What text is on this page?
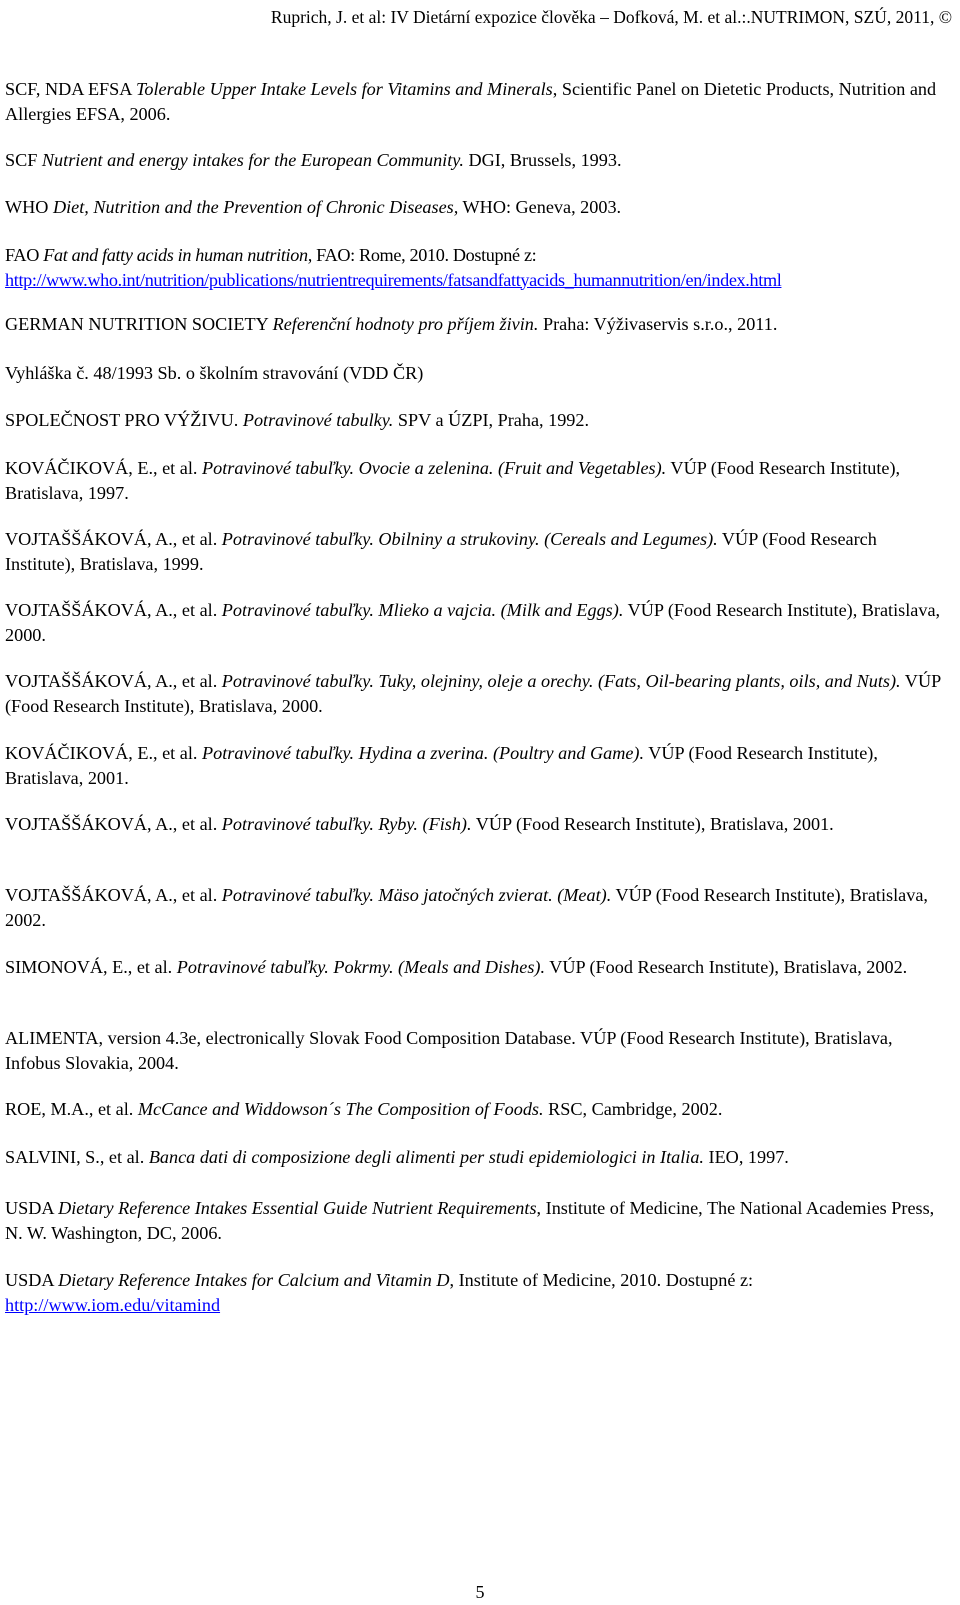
Ruprich, J. et al: IV Dietární expozice člověka – Dofková, M. et al.:.NUTRIMON, SZÚ, 2011, ©
SCF, NDA EFSA Tolerable Upper Intake Levels for Vitamins and Minerals, Scientific Panel on Dietetic Products, Nutrition and Allergies EFSA, 2006.
SCF Nutrient and energy intakes for the European Community. DGI, Brussels, 1993.
WHO Diet, Nutrition and the Prevention of Chronic Diseases, WHO: Geneva, 2003.
FAO Fat and fatty acids in human nutrition, FAO: Rome, 2010. Dostupné z: http://www.who.int/nutrition/publications/nutrientrequirements/fatsandfattyacids_humannutrition/en/index.html
GERMAN NUTRITION SOCIETY Referenční hodnoty pro příjem živin. Praha: Výživaservis s.r.o., 2011.
Vyhláška č. 48/1993 Sb. o školním stravování (VDD ČR)
SPOLEČNOST PRO VÝŽIVU. Potravinové tabulky. SPV a ÚZPI, Praha, 1992.
KOVÁČIKOVÁ, E., et al. Potravinové tabuľky. Ovocie a zelenina. (Fruit and Vegetables). VÚP (Food Research Institute), Bratislava, 1997.
VOJTAŠŠÁKOVÁ, A., et al. Potravinové tabuľky. Obilniny a strukoviny. (Cereals and Legumes). VÚP (Food Research Institute), Bratislava, 1999.
VOJTAŠŠÁKOVÁ, A., et al. Potravinové tabuľky. Mlieko a vajcia. (Milk and Eggs). VÚP (Food Research Institute), Bratislava, 2000.
VOJTAŠŠÁKOVÁ, A., et al. Potravinové tabuľky. Tuky, olejniny, oleje a orechy. (Fats, Oil-bearing plants, oils, and Nuts). VÚP (Food Research Institute), Bratislava, 2000.
KOVÁČIKOVÁ, E., et al. Potravinové tabuľky. Hydina a zverina. (Poultry and Game). VÚP (Food Research Institute), Bratislava, 2001.
VOJTAŠŠÁKOVÁ, A., et al. Potravinové tabuľky. Ryby. (Fish). VÚP (Food Research Institute), Bratislava, 2001.
VOJTAŠŠÁKOVÁ, A., et al. Potravinové tabuľky. Mäso jatočných zvierat. (Meat). VÚP (Food Research Institute), Bratislava, 2002.
SIMONOVÁ, E., et al. Potravinové tabuľky. Pokrmy. (Meals and Dishes). VÚP (Food Research Institute), Bratislava, 2002.
ALIMENTA, version 4.3e, electronically Slovak Food Composition Database. VÚP (Food Research Institute), Bratislava, Infobus Slovakia, 2004.
ROE, M.A., et al. McCance and Widdowson´s The Composition of Foods. RSC, Cambridge, 2002.
SALVINI, S., et al. Banca dati di composizione degli alimenti per studi epidemiologici in Italia. IEO, 1997.
USDA Dietary Reference Intakes Essential Guide Nutrient Requirements, Institute of Medicine, The National Academies Press, N. W. Washington, DC, 2006.
USDA Dietary Reference Intakes for Calcium and Vitamin D, Institute of Medicine, 2010. Dostupné z: http://www.iom.edu/vitamind
5
